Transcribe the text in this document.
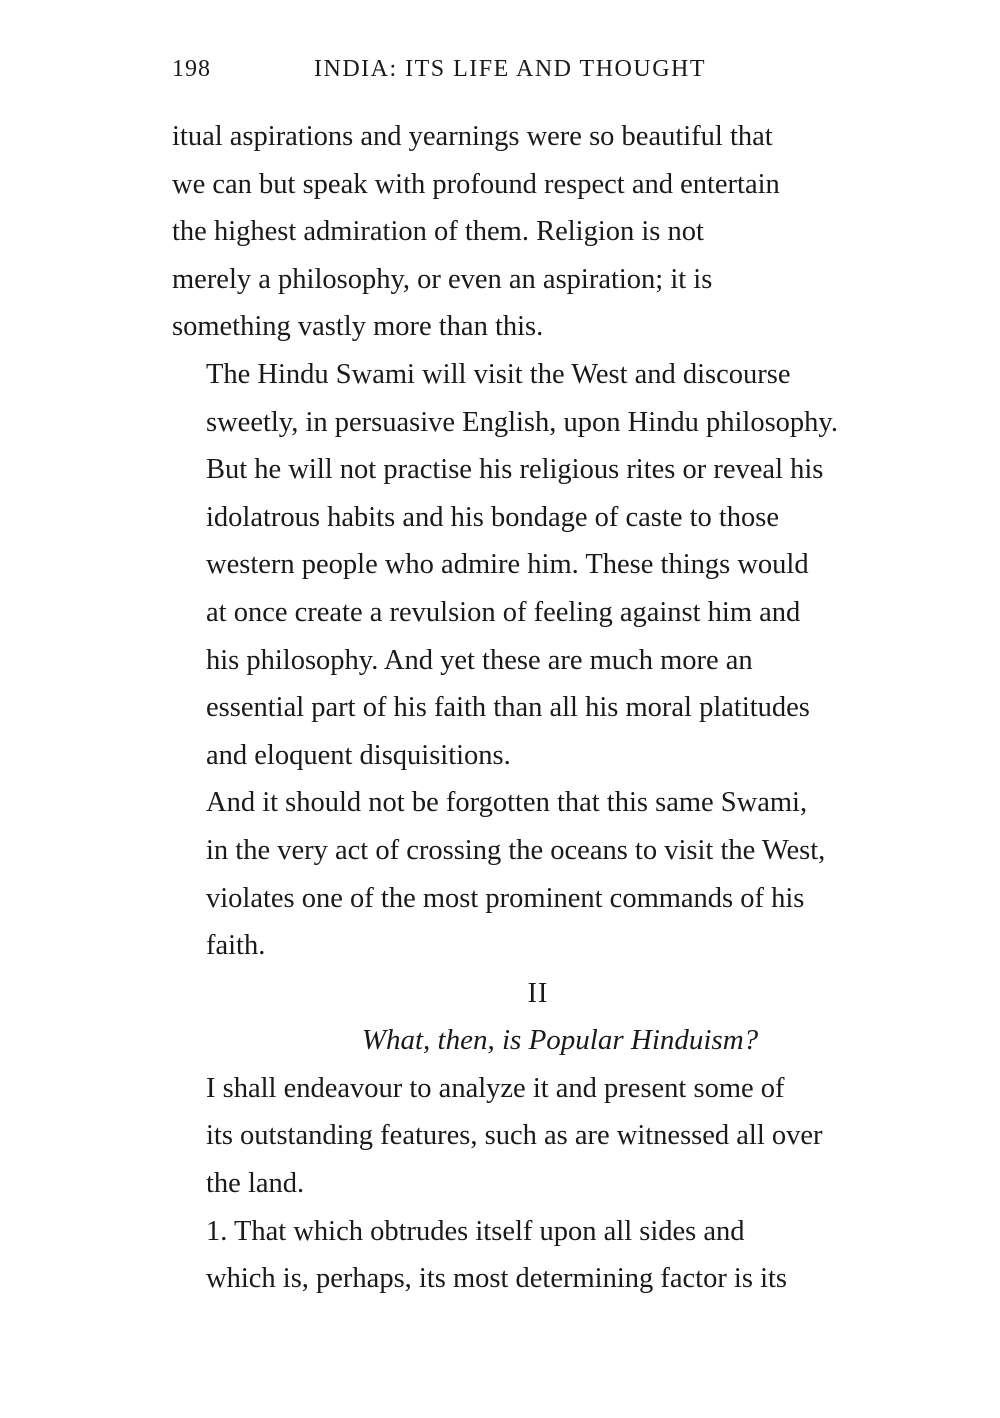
198	INDIA: ITS LIFE AND THOUGHT

itual aspirations and yearnings were so beautiful that
we can but speak with profound respect and entertain
the highest admiration of them. Religion is not
merely a philosophy, or even an aspiration; it is
something vastly more than this.

The Hindu Swami will visit the West and discourse
sweetly, in persuasive English, upon Hindu philosophy.
But he will not practise his religious rites or reveal his
idolatrous habits and his bondage of caste to those
western people who admire him. These things would
at once create a revulsion of feeling against him and
his philosophy. And yet these are much more an
essential part of his faith than all his moral platitudes
and eloquent disquisitions.

And it should not be forgotten that this same Swami,
in the very act of crossing the oceans to visit the West,
violates one of the most prominent commands of his
faith.

II

What, then, is Popular Hinduism?

I shall endeavour to analyze it and present some of
its outstanding features, such as are witnessed all over
the land.

1. That which obtrudes itself upon all sides and
which is, perhaps, its most determining factor is its
